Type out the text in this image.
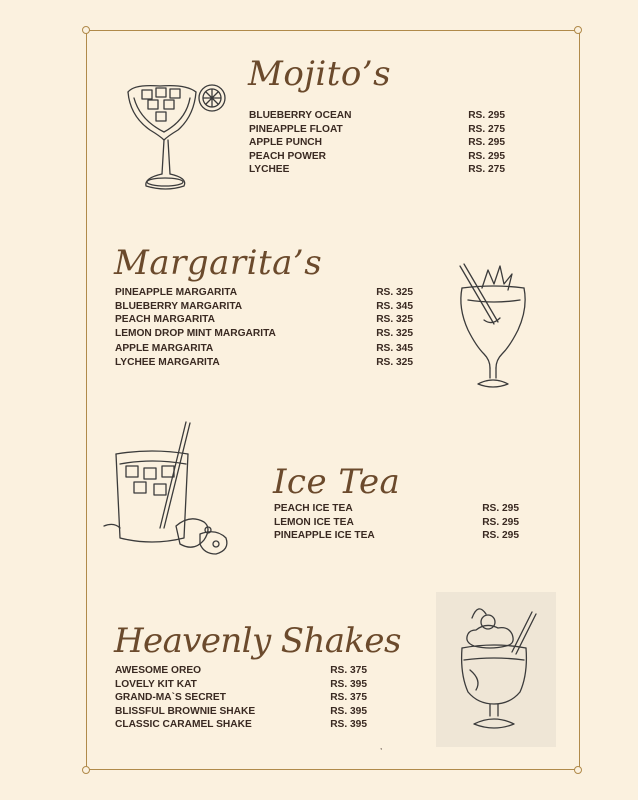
Mojito’s
BLUEBERRY OCEAN	RS. 295
PINEAPPLE FLOAT	RS. 275
APPLE PUNCH	RS. 295
PEACH POWER	RS. 295
LYCHEE	RS. 275
Margarita’s
PINEAPPLE MARGARITA	RS. 325
BLUEBERRY MARGARITA	RS. 345
PEACH MARGARITA	RS. 325
LEMON DROP MINT MARGARITA	RS. 325
APPLE MARGARITA	RS. 345
LYCHEE MARGARITA	RS. 325
Ice Tea
PEACH ICE TEA	RS. 295
LEMON ICE TEA	RS. 295
PINEAPPLE ICE TEA	RS. 295
Heavenly Shakes
AWESOME OREO	RS. 375
LOVELY KIT KAT	RS. 395
GRAND-MA`S SECRET	RS. 375
BLISSFUL BROWNIE SHAKE	RS. 395
CLASSIC CARAMEL SHAKE	RS. 395
,
